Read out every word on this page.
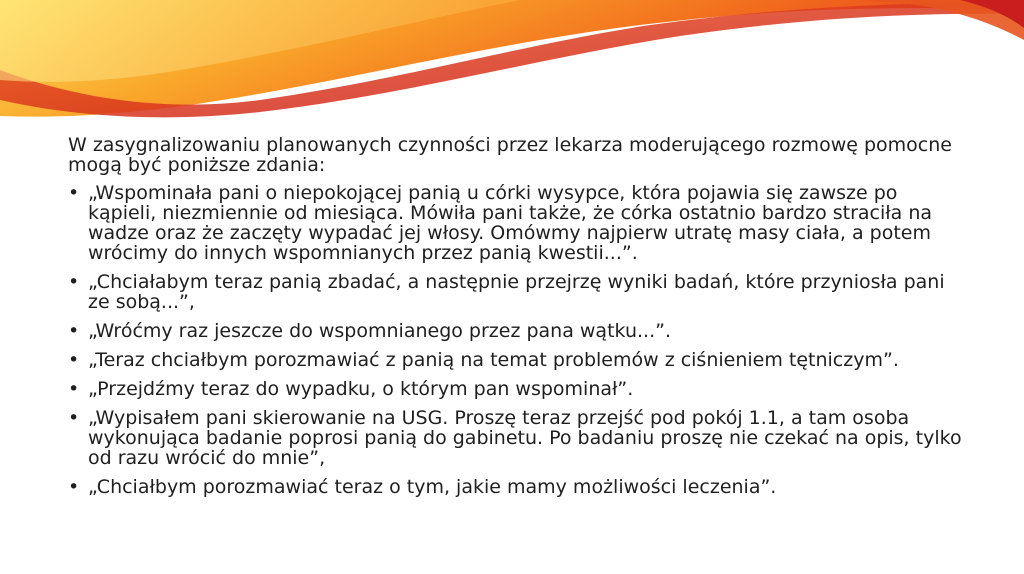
W zasygnalizowaniu planowanych czynności przez lekarza moderującego rozmowę pomocne mogą być poniższe zdania:

• „Wspominała pani o niepokojącej panią u córki wysypce, która pojawia się zawsze po kąpieli, niezmiennie od miesiąca. Mówiła pani także, że córka ostatnio bardzo straciła na wadze oraz że zaczęty wypadać jej włosy. Omówmy najpierw utratę masy ciała, a potem wrócimy do innych wspomnianych przez panią kwestii...”.
• „Chciałabym teraz panią zbadać, a następnie przejrzę wyniki badań, które przyniosła pani ze sobą...”,
• „Wróćmy raz jeszcze do wspomnianego przez pana wątku...”.
• „Teraz chciałbym porozmawiać z panią na temat problemów z ciśnieniem tętniczym”.
• „Przejdźmy teraz do wypadku, o którym pan wspominał”.
• „Wypisałem pani skierowanie na USG. Proszę teraz przejść pod pokój 1.1, a tam osoba wykonująca badanie poprosi panią do gabinetu. Po badaniu proszę nie czekać na opis, tylko od razu wrócić do mnie”,
• „Chciałbym porozmawiać teraz o tym, jakie mamy możliwości leczenia”.
